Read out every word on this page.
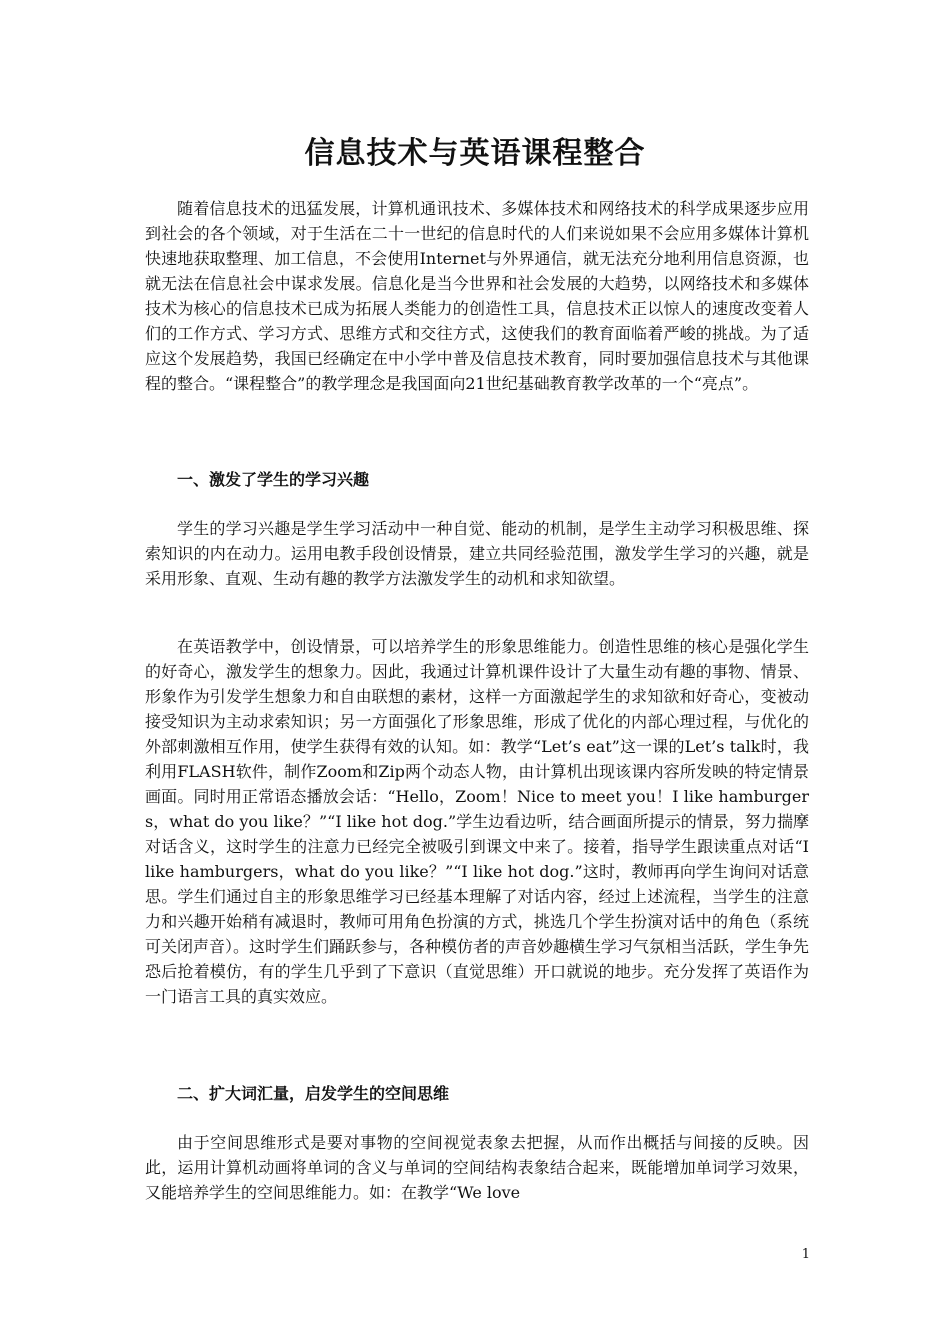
信息技术与英语课程整合

随着信息技术的迅猛发展，计算机通讯技术、多媒体技术和网络技术的科学成果逐步应用到社会的各个领域，对于生活在二十一世纪的信息时代的人们来说如果不会应用多媒体计算机快速地获取整理、加工信息，不会使用Internet与外界通信，就无法充分地利用信息资源，也就无法在信息社会中谋求发展。信息化是当今世界和社会发展的大趋势，以网络技术和多媒体技术为核心的信息技术已成为拓展人类能力的创造性工具，信息技术正以惊人的速度改变着人们的工作方式、学习方式、思维方式和交往方式，这使我们的教育面临着严峻的挑战。为了适应这个发展趋势，我国已经确定在中小学中普及信息技术教育，同时要加强信息技术与其他课程的整合。“课程整合”的教学理念是我国面向21世纪基础教育教学改革的一个“亮点”。

一、激发了学生的学习兴趣

学生的学习兴趣是学生学习活动中一种自觉、能动的机制，是学生主动学习积极思维、探索知识的内在动力。运用电教手段创设情景，建立共同经验范围，激发学生学习的兴趣，就是采用形象、直观、生动有趣的教学方法激发学生的动机和求知欲望。

在英语教学中，创设情景，可以培养学生的形象思维能力。创造性思维的核心是强化学生的好奇心，激发学生的想象力。因此，我通过计算机课件设计了大量生动有趣的事物、情景、形象作为引发学生想象力和自由联想的素材，这样一方面激起学生的求知欲和好奇心，变被动接受知识为主动求索知识；另一方面强化了形象思维，形成了优化的内部心理过程，与优化的外部刺激相互作用，使学生获得有效的认知。如：教学“Let’s eat”这一课的Let’s talk时，我利用FLASH软件，制作Zoom和Zip两个动态人物，由计算机出现该课内容所发映的特定情景画面。同时用正常语态播放会话：“Hello，Zoom！Nice to meet you！I like hamburgers，what do you like？”“I like hot dog.”学生边看边听，结合画面所提示的情景，努力揣摩对话含义，这时学生的注意力已经完全被吸引到课文中来了。接着，指导学生跟读重点对话“I like hamburgers，what do you like？”“I like hot dog.”这时，教师再向学生询问对话意思。学生们通过自主的形象思维学习已经基本理解了对话内容，经过上述流程，当学生的注意力和兴趣开始稍有减退时，教师可用角色扮演的方式，挑选几个学生扮演对话中的角色（系统可关闭声音）。这时学生们踊跃参与，各种模仿者的声音妙趣横生学习气氛相当活跃，学生争先恐后抢着模仿，有的学生几乎到了下意识（直觉思维）开口就说的地步。充分发挥了英语作为一门语言工具的真实效应。

二、扩大词汇量，启发学生的空间思维

由于空间思维形式是要对事物的空间视觉表象去把握，从而作出概括与间接的反映。因此，运用计算机动画将单词的含义与单词的空间结构表象结合起来，既能增加单词学习效果，又能培养学生的空间思维能力。如：在教学“We love

1
